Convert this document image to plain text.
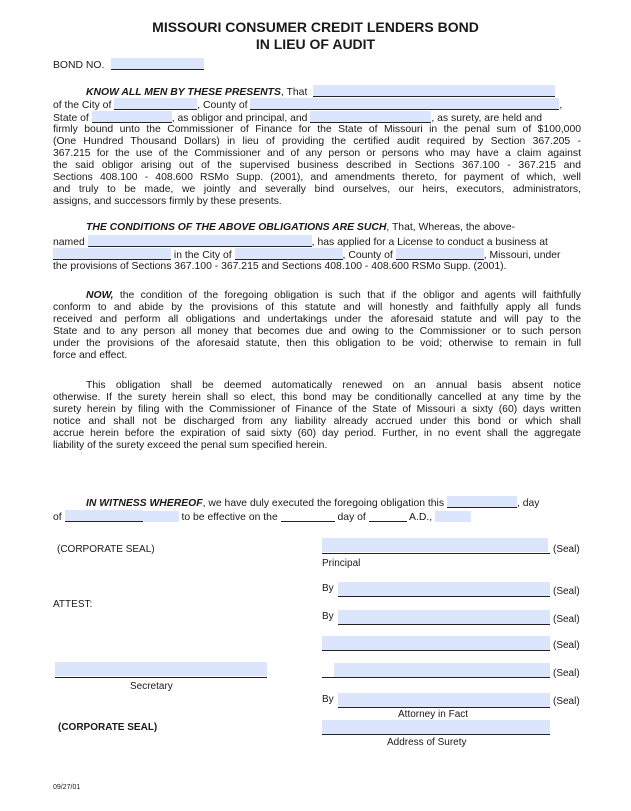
MISSOURI CONSUMER CREDIT LENDERS BOND
IN LIEU OF AUDIT
BOND NO.
KNOW ALL MEN BY THESE PRESENTS, That
of the City of	, County of	,
State of	, as obligor and principal, and	, as surety, are held and
firmly bound unto the Commissioner of Finance for the State of Missouri in the penal sum of $100,000
(One Hundred Thousand Dollars) in lieu of providing the certified audit required by Section 367.205 -
367.215 for the use of the Commissioner and of any person or persons who may have a claim against
the said obligor arising out of the supervised business described in Sections 367.100 - 367.215 and
Sections 408.100 - 408.600 RSMo Supp. (2001), and amendments thereto, for payment of which, well
and truly to be made, we jointly and severally bind ourselves, our heirs, executors, administrators,
assigns, and successors firmly by these presents.
THE CONDITIONS OF THE ABOVE OBLIGATIONS ARE SUCH, That, Whereas, the above-
named	, has applied for a License to conduct a business at
in the City of	, County of	, Missouri, under
the provisions of Sections 367.100 - 367.215 and Sections 408.100 - 408.600 RSMo Supp. (2001).
NOW, the condition of the foregoing obligation is such that if the obligor and agents will faithfully
conform to and abide by the provisions of this statute and will honestly and faithfully apply all funds
received and perform all obligations and undertakings under the aforesaid statute and will pay to the
State and to any person all money that becomes due and owing to the Commissioner or to such person
under the provisions of the aforesaid statute, then this obligation to be void; otherwise to remain in full
force and effect.
This obligation shall be deemed automatically renewed on an annual basis absent notice
otherwise. If the surety herein shall so elect, this bond may be conditionally cancelled at any time by the
surety herein by filing with the Commissioner of Finance of the State of Missouri a sixty (60) days written
notice and shall not be discharged from any liability already accrued under this bond or which shall
accrue herein before the expiration of said sixty (60) day period. Further, in no event shall the aggregate
liability of the surety exceed the penal sum specified herein.
IN WITNESS WHEREOF, we have duly executed the foregoing obligation this	, day
of	to be effective on the	day of	A.D.,
(CORPORATE SEAL)
ATTEST:
Secretary
(CORPORATE SEAL)
(Seal)
Principal
By	(Seal)
By	(Seal)
(Seal)
(Seal)
By	(Seal)
Attorney in Fact
Address of Surety
09/27/01
